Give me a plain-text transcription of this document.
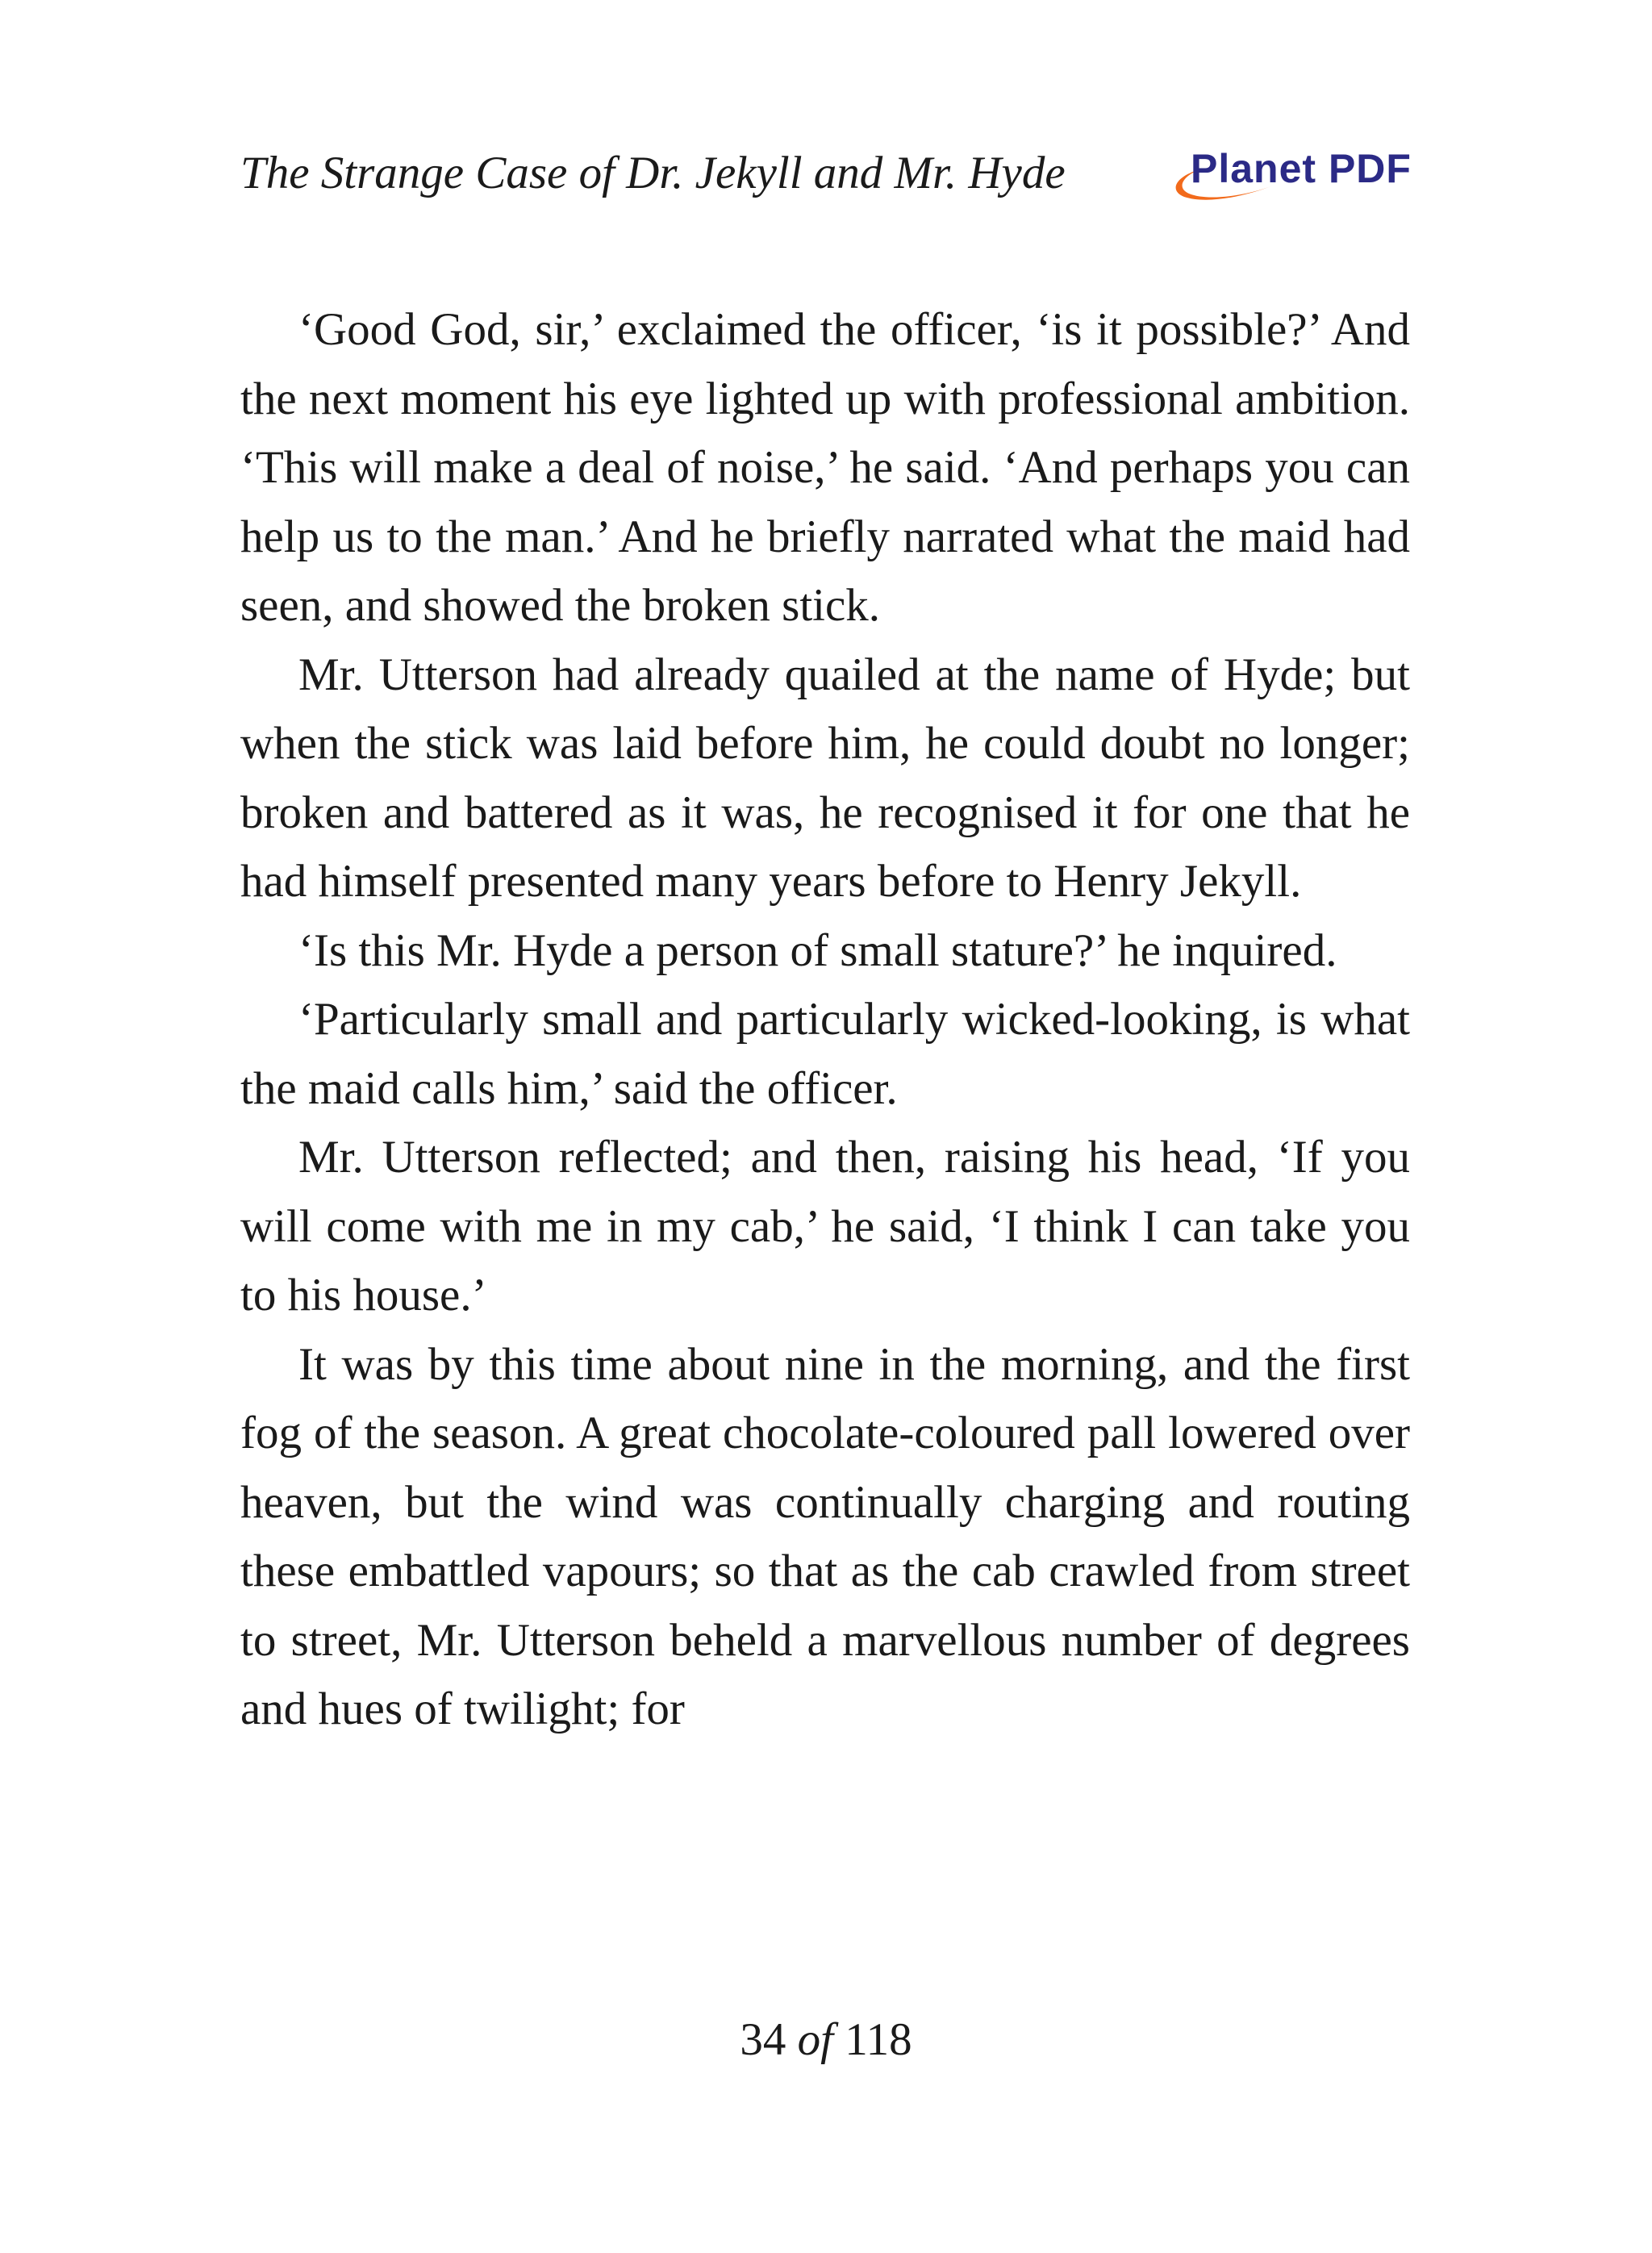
The Strange Case of Dr. Jekyll and Mr. Hyde	Planet PDF

‘Good God, sir,’ exclaimed the officer, ‘is it possible?’ And the next moment his eye lighted up with professional ambition. ‘This will make a deal of noise,’ he said. ‘And perhaps you can help us to the man.’ And he briefly narrated what the maid had seen, and showed the broken stick.

Mr. Utterson had already quailed at the name of Hyde; but when the stick was laid before him, he could doubt no longer; broken and battered as it was, he recognised it for one that he had himself presented many years before to Henry Jekyll.

‘Is this Mr. Hyde a person of small stature?’ he inquired.

‘Particularly small and particularly wicked-looking, is what the maid calls him,’ said the officer.

Mr. Utterson reflected; and then, raising his head, ‘If you will come with me in my cab,’ he said, ‘I think I can take you to his house.’

It was by this time about nine in the morning, and the first fog of the season. A great chocolate-coloured pall lowered over heaven, but the wind was continually charging and routing these embattled vapours; so that as the cab crawled from street to street, Mr. Utterson beheld a marvellous number of degrees and hues of twilight; for

34 of 118
